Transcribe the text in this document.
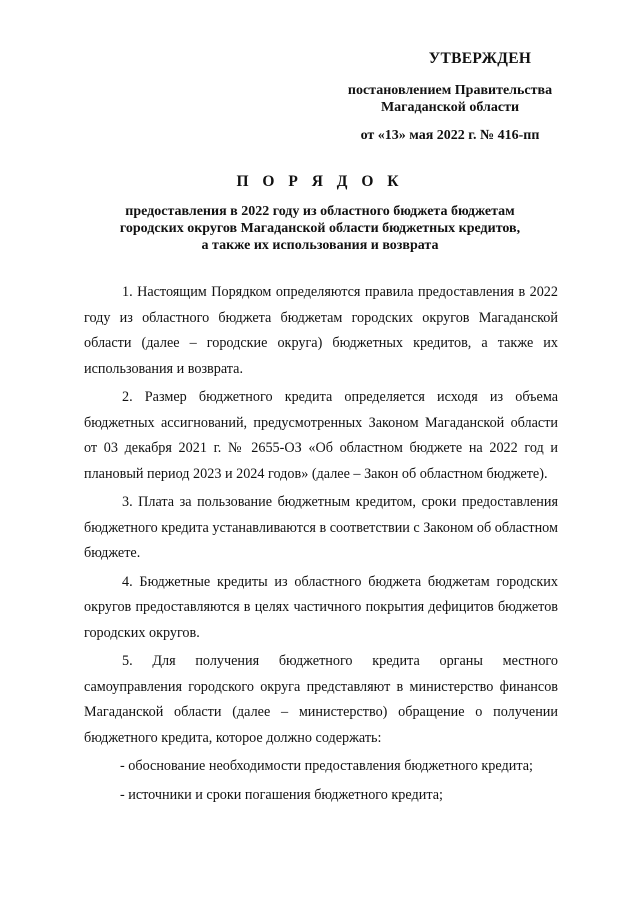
УТВЕРЖДЕН
постановлением Правительства
Магаданской области
от «13» мая 2022 г. № 416-пп
П О Р Я Д О К
предоставления в 2022 году из областного бюджета бюджетам
городских округов Магаданской области бюджетных кредитов,
а также их использования и возврата

1. Настоящим Порядком определяются правила предоставления в 2022 году из областного бюджета бюджетам городских округов Магаданской области (далее – городские округа) бюджетных кредитов, а также их использования и возврата.

2. Размер бюджетного кредита определяется исходя из объема бюджетных ассигнований, предусмотренных Законом Магаданской области от 03 декабря 2021 г. № 2655-ОЗ «Об областном бюджете на 2022 год и плановый период 2023 и 2024 годов» (далее – Закон об областном бюджете).

3. Плата за пользование бюджетным кредитом, сроки предоставления бюджетного кредита устанавливаются в соответствии с Законом об областном бюджете.

4. Бюджетные кредиты из областного бюджета бюджетам городских округов предоставляются в целях частичного покрытия дефицитов бюджетов городских округов.

5. Для получения бюджетного кредита органы местного самоуправления городского округа представляют в министерство финансов Магаданской области (далее – министерство) обращение о получении бюджетного кредита, которое должно содержать:

- обоснование необходимости предоставления бюджетного кредита;
- источники и сроки погашения бюджетного кредита;
